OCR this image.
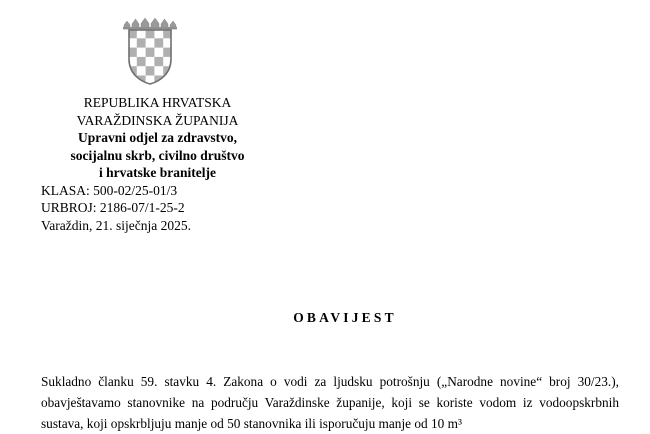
REPUBLIKA HRVATSKA
VARAŽDINSKA ŽUPANIJA
Upravni odjel za zdravstvo,
socijalnu skrb, civilno društvo
i hrvatske branitelje
KLASA: 500-02/25-01/3
URBROJ: 2186-07/1-25-2
Varaždin, 21. siječnja 2025.
OBAVIJEST
Sukladno članku 59. stavku 4. Zakona o vodi za ljudsku potrošnju („Narodne novine“ broj 30/23.), obavještavamo stanovnike na području Varaždinske županije, koji se koriste vodom iz vodoopskrbnih sustava, koji opskrbljuju manje od 50 stanovnika ili isporučuju manje od 10 m³
